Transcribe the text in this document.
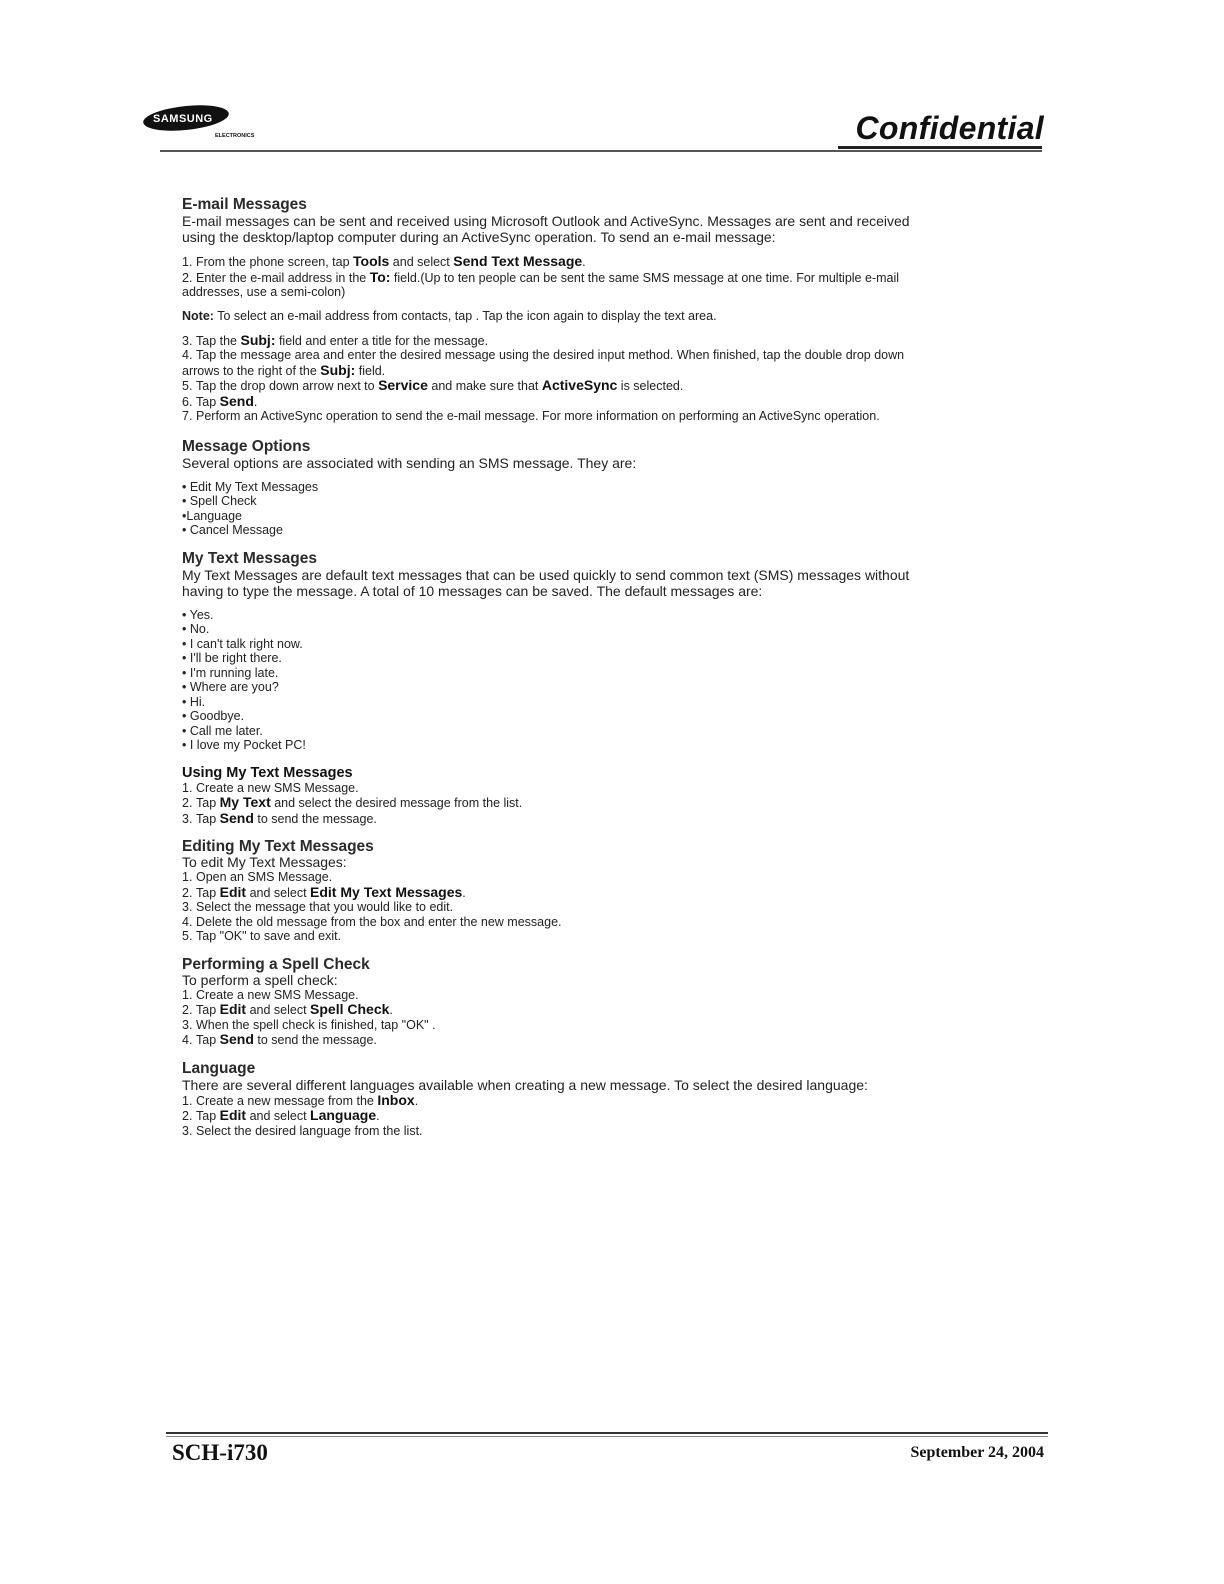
SAMSUNG
ELECTRONICS	Confidential
E-mail Messages

E-mail messages can be sent and received using Microsoft Outlook and ActiveSync. Messages are sent and received using the desktop/laptop computer during an ActiveSync operation. To send an e-mail message:

1. From the phone screen, tap Tools and select Send Text Message.
2. Enter the e-mail address in the To: field.(Up to ten people can be sent the same SMS message at one time. For multiple e-mail addresses, use a semi-colon)

Note: To select an e-mail address from contacts, tap . Tap the icon again to display the text area.

3. Tap the Subj: field and enter a title for the message.
4. Tap the message area and enter the desired message using the desired input method. When finished, tap the double drop down arrows to the right of the Subj: field.
5. Tap the drop down arrow next to Service and make sure that ActiveSync is selected.
6. Tap Send.
7. Perform an ActiveSync operation to send the e-mail message. For more information on performing an ActiveSync operation.
Message Options

Several options are associated with sending an SMS message. They are:

• Edit My Text Messages
• Spell Check
•Language
• Cancel Message
My Text Messages

My Text Messages are default text messages that can be used quickly to send common text (SMS) messages without having to type the message. A total of 10 messages can be saved. The default messages are:

• Yes.
• No.
• I can't talk right now.
• I'll be right there.
• I'm running late.
• Where are you?
• Hi.
• Goodbye.
• Call me later.
• I love my Pocket PC!
Using My Text Messages
1. Create a new SMS Message.
2. Tap My Text and select the desired message from the list.
3. Tap Send to send the message.
Editing My Text Messages

To edit My Text Messages:

1. Open an SMS Message.
2. Tap Edit and select Edit My Text Messages.
3. Select the message that you would like to edit.
4. Delete the old message from the box and enter the new message.
5. Tap "OK" to save and exit.
Performing a Spell Check

To perform a spell check:

1. Create a new SMS Message.
2. Tap Edit and select Spell Check.
3. When the spell check is finished, tap "OK" .
4. Tap Send to send the message.
Language

There are several different languages available when creating a new message. To select the desired language:

1. Create a new message from the Inbox.
2. Tap Edit and select Language.
3. Select the desired language from the list.
SCH-i730	September 24, 2004
